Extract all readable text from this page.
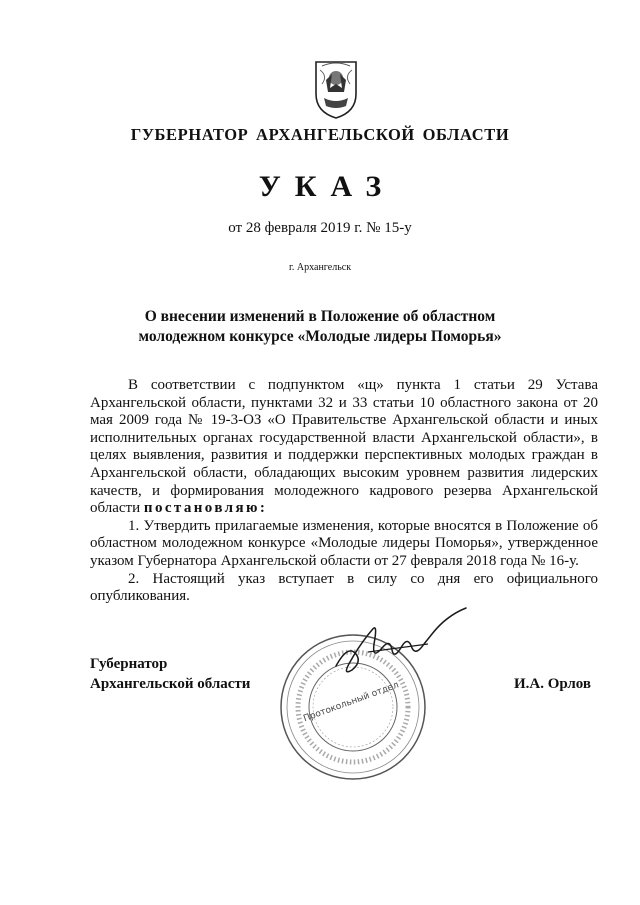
ГУБЕРНАТОР АРХАНГЕЛЬСКОЙ ОБЛАСТИ
УКАЗ
от 28 февраля 2019 г. № 15-у
г. Архангельск
О внесении изменений в Положение об областном
молодежном конкурсе «Молодые лидеры Поморья»

В соответствии с подпунктом «щ» пункта 1 статьи 29 Устава Архангельской области, пунктами 32 и 33 статьи 10 областного закона от 20 мая 2009 года № 19-3-ОЗ «О Правительстве Архангельской области и иных исполнительных органах государственной власти Архангельской области», в целях выявления, развития и поддержки перспективных молодых граждан в Архангельской области, обладающих высоким уровнем развития лидерских качеств, и формирования молодежного кадрового резерва Архангельской области постановляю:

1. Утвердить прилагаемые изменения, которые вносятся в Положение об областном молодежном конкурсе «Молодые лидеры Поморья», утвержденное указом Губернатора Архангельской области от 27 февраля 2018 года № 16-у.

2. Настоящий указ вступает в силу со дня его официального опубликования.

Протокольный отдел
Губернатор
Архангельской области	И.А. Орлов
